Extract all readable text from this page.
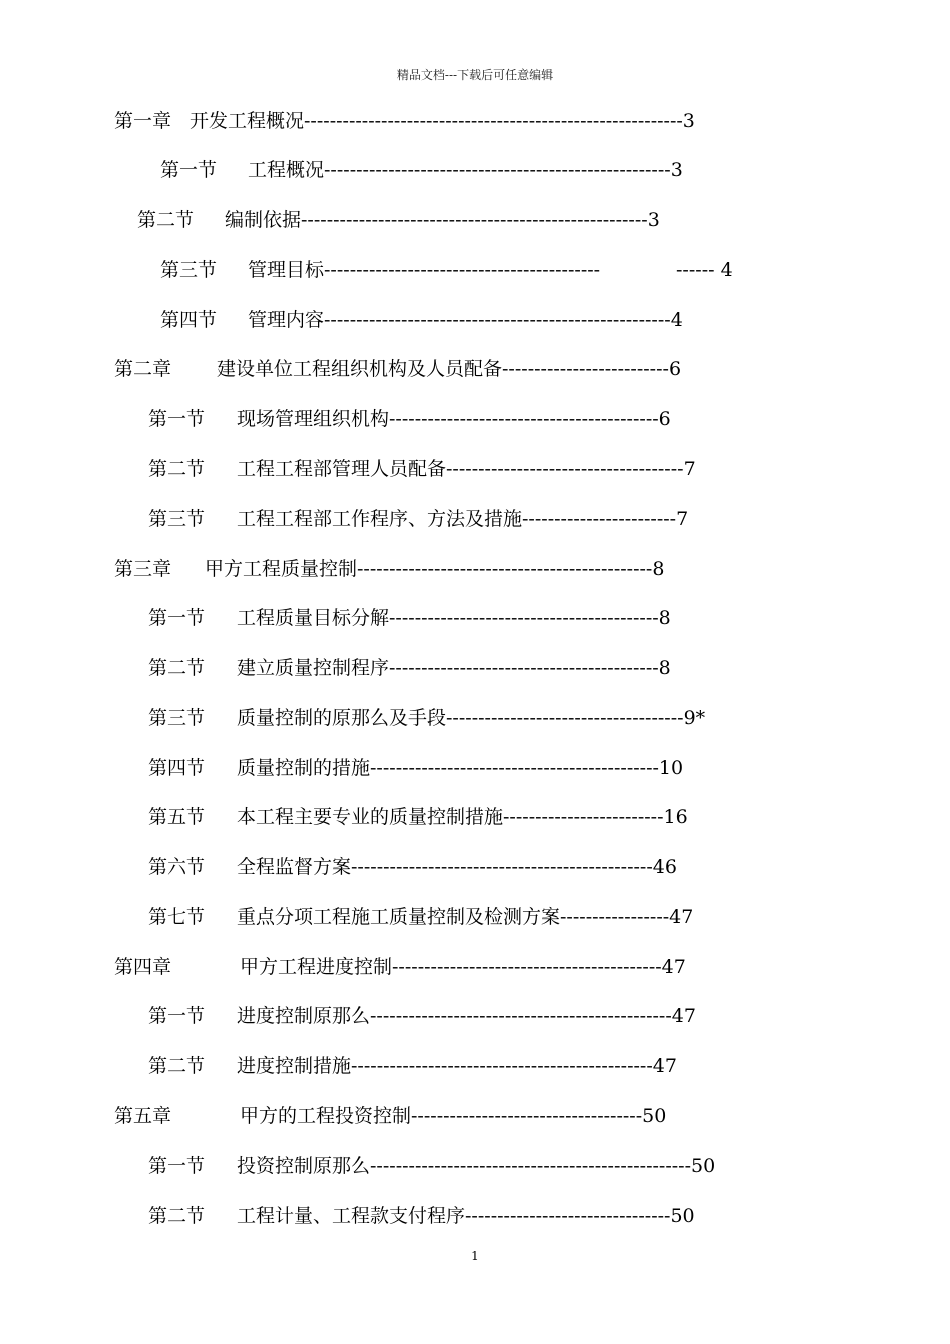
精品文档---下载后可任意编辑
第一章 开发工程概况-----------------------------------------------------------3
第一节 工程概况------------------------------------------------------3
第二节 编制依据------------------------------------------------------3
第三节 管理目标-------------------------------------------	------ 4
第四节 管理内容------------------------------------------------------4
第二章 建设单位工程组织机构及人员配备--------------------------6
第一节 现场管理组织机构------------------------------------------6
第二节 工程工程部管理人员配备-------------------------------------7
第三节 工程工程部工作程序、方法及措施------------------------7
第三章 甲方工程质量控制----------------------------------------------8
第一节 工程质量目标分解------------------------------------------8
第二节 建立质量控制程序------------------------------------------8
第三节 质量控制的原那么及手段-------------------------------------9*
第四节 质量控制的措施---------------------------------------------10
第五节 本工程主要专业的质量控制措施-------------------------16
第六节 全程监督方案-----------------------------------------------46
第七节 重点分项工程施工质量控制及检测方案-----------------47
第四章	甲方工程进度控制------------------------------------------47
第一节 进度控制原那么-----------------------------------------------47
第二节 进度控制措施-----------------------------------------------47
第五章	甲方的工程投资控制------------------------------------50
第一节 投资控制原那么--------------------------------------------------50
第二节 工程计量、工程款支付程序--------------------------------50
1
